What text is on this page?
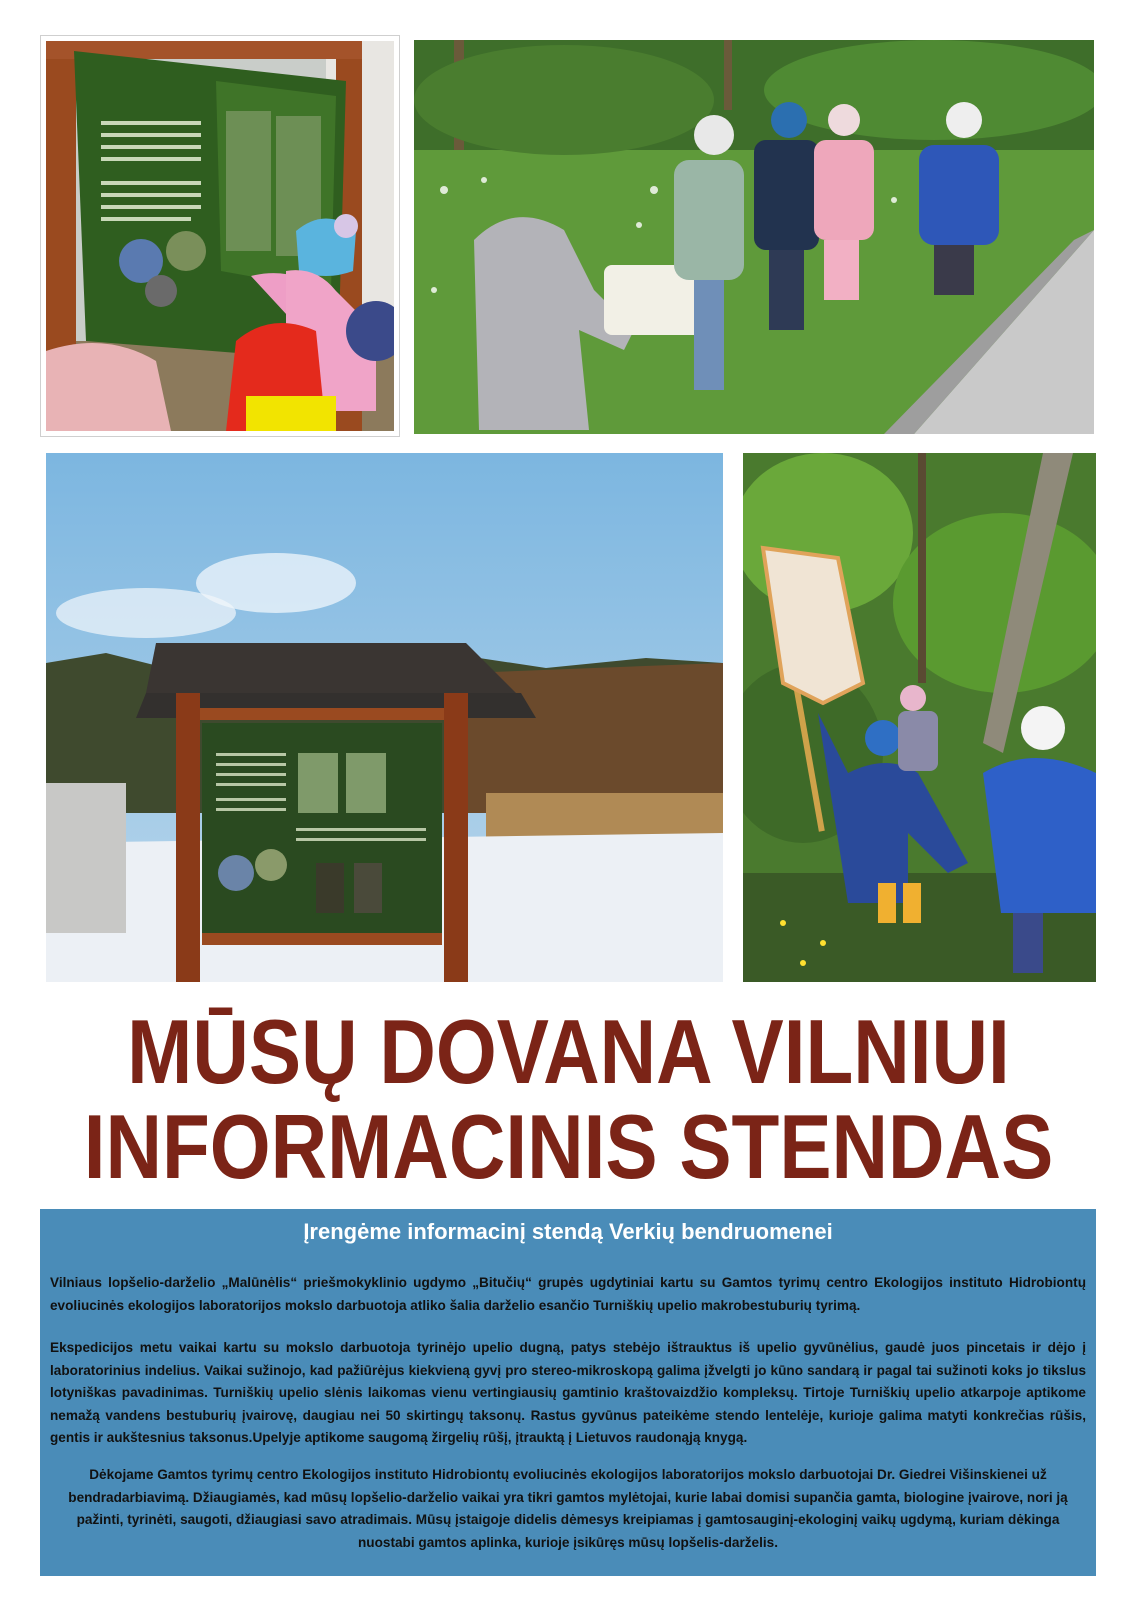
MŪSŲ DOVANA VILNIUI
INFORMACINIS STENDAS
Įrengėme informacinį stendą Verkių bendruomenei

Vilniaus lopšelio-darželio „Malūnėlis“ priešmokyklinio ugdymo „Bitučių“ grupės ugdytiniai kartu su Gamtos tyrimų centro Ekologijos instituto Hidrobiontų evoliucinės ekologijos laboratorijos mokslo darbuotoja atliko šalia darželio esančio Turniškių upelio makrobestuburių tyrimą.

Ekspedicijos metu vaikai kartu su mokslo darbuotoja tyrinėjo upelio dugną, patys stebėjo ištrauktus iš upelio gyvūnėlius, gaudė juos pincetais ir dėjo į laboratorinius indelius. Vaikai sužinojo, kad pažiūrėjus kiekvieną gyvį pro stereo-mikroskopą galima įžvelgti jo kūno sandarą ir pagal tai sužinoti koks jo tikslus lotyniškas pavadinimas. Turniškių upelio slėnis laikomas vienu vertingiausių gamtinio kraštovaizdžio kompleksų. Tirtoje Turniškių upelio atkarpoje aptikome nemažą vandens bestuburių įvairovę, daugiau nei 50 skirtingų taksonų. Rastus gyvūnus pateikėme stendo lentelėje, kurioje galima matyti konkrečias rūšis, gentis ir aukštesnius taksonus.Upelyje aptikome saugomą žirgelių rūšį, įtrauktą į Lietuvos raudonąją knygą.

Dėkojame Gamtos tyrimų centro Ekologijos instituto Hidrobiontų evoliucinės ekologijos laboratorijos mokslo darbuotojai Dr. Giedrei Višinskienei už bendradarbiavimą. Džiaugiamės, kad mūsų lopšelio-darželio vaikai yra tikri gamtos mylėtojai, kurie labai domisi supančia gamta, biologine įvairove, nori ją pažinti, tyrinėti, saugoti, džiaugiasi savo atradimais. Mūsų įstaigoje didelis dėmesys kreipiamas į gamtosauginį-ekologinį vaikų ugdymą, kuriam dėkinga nuostabi gamtos aplinka, kurioje įsikūręs mūsų lopšelis-darželis.
